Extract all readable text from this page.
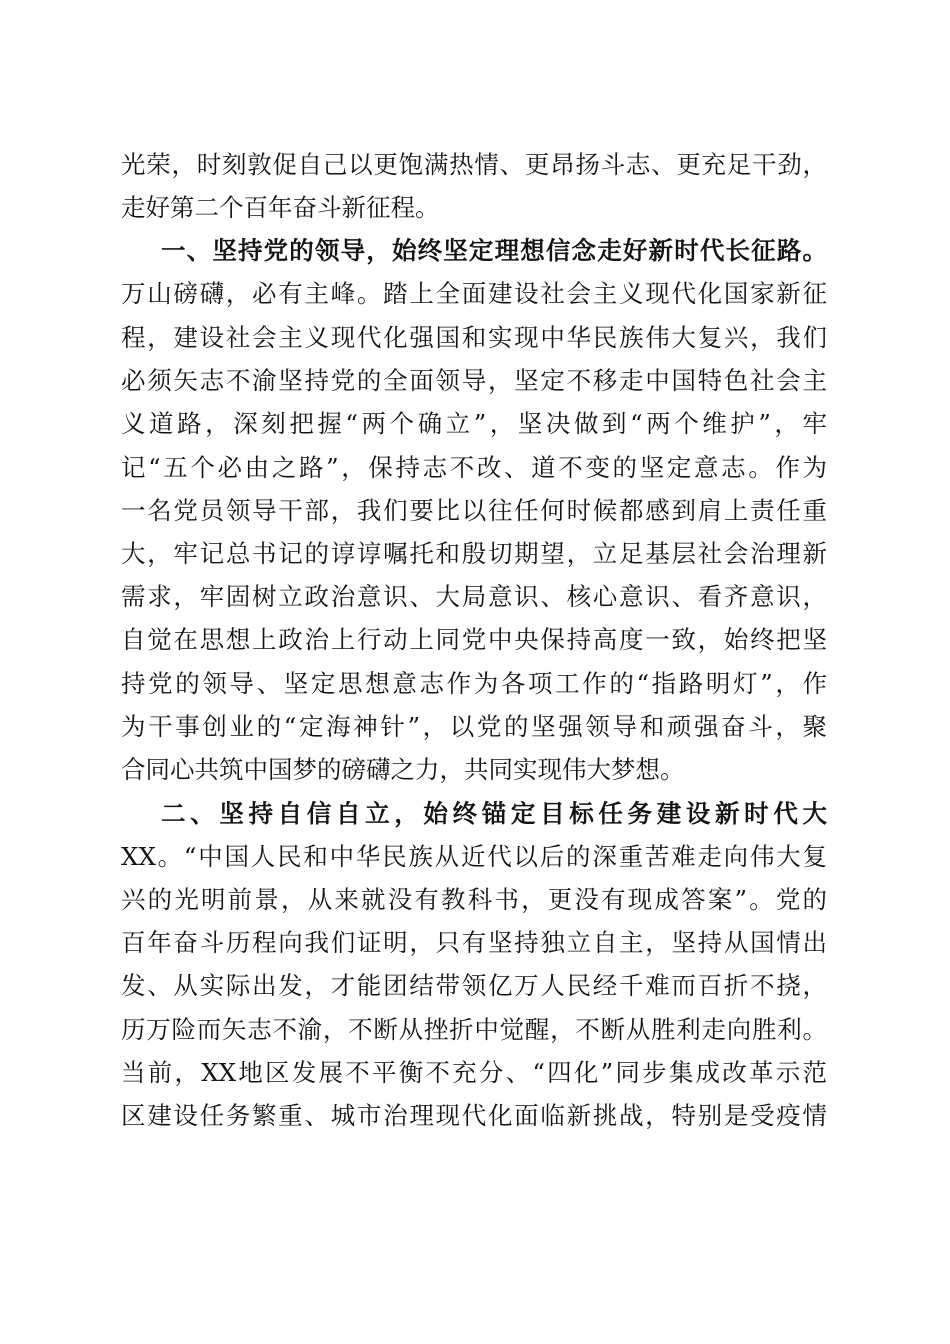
光荣，时刻敦促自己以更饱满热情、更昂扬斗志、更充足干劲，
走好第二个百年奋斗新征程。
一、坚持党的领导，始终坚定理想信念走好新时代长征路。
万山磅礴，必有主峰。踏上全面建设社会主义现代化国家新征
程，建设社会主义现代化强国和实现中华民族伟大复兴，我们
必须矢志不渝坚持党的全面领导，坚定不移走中国特色社会主
义道路，深刻把握“两个确立”，坚决做到“两个维护”，牢
记“五个必由之路”，保持志不改、道不变的坚定意志。作为
一名党员领导干部，我们要比以往任何时候都感到肩上责任重
大，牢记总书记的谆谆嘱托和殷切期望，立足基层社会治理新
需求，牢固树立政治意识、大局意识、核心意识、看齐意识，
自觉在思想上政治上行动上同党中央保持高度一致，始终把坚
持党的领导、坚定思想意志作为各项工作的“指路明灯”，作
为干事创业的“定海神针”，以党的坚强领导和顽强奋斗，聚
合同心共筑中国梦的磅礴之力，共同实现伟大梦想。
二、坚持自信自立，始终锚定目标任务建设新时代大
XX。“中国人民和中华民族从近代以后的深重苦难走向伟大复
兴的光明前景，从来就没有教科书，更没有现成答案”。党的
百年奋斗历程向我们证明，只有坚持独立自主，坚持从国情出
发、从实际出发，才能团结带领亿万人民经千难而百折不挠，
历万险而矢志不渝，不断从挫折中觉醒，不断从胜利走向胜利。
当前，XX地区发展不平衡不充分、“四化”同步集成改革示范
区建设任务繁重、城市治理现代化面临新挑战，特别是受疫情
